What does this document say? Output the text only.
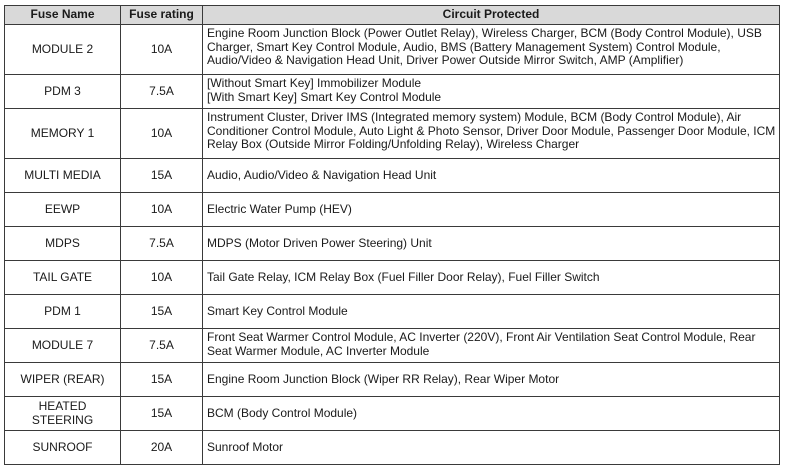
Fuse Name	Fuse rating	Circuit Protected
MODULE 2	10A	Engine Room Junction Block (Power Outlet Relay), Wireless Charger, BCM (Body Control Module), USB
Charger, Smart Key Control Module, Audio, BMS (Battery Management System) Control Module,
Audio/Video & Navigation Head Unit, Driver Power Outside Mirror Switch, AMP (Amplifier)

PDM 3	7.5A	[Without Smart Key] Immobilizer Module
[With Smart Key] Smart Key Control Module

MEMORY 1	10A	Instrument Cluster, Driver IMS (Integrated memory system) Module, BCM (Body Control Module), Air
Conditioner Control Module, Auto Light & Photo Sensor, Driver Door Module, Passenger Door Module, ICM
Relay Box (Outside Mirror Folding/Unfolding Relay), Wireless Charger

MULTI MEDIA	15A	Audio, Audio/Video & Navigation Head Unit

EEWP	10A	Electric Water Pump (HEV)

MDPS	7.5A	MDPS (Motor Driven Power Steering) Unit

TAIL GATE	10A	Tail Gate Relay, ICM Relay Box (Fuel Filler Door Relay), Fuel Filler Switch

PDM 1	15A	Smart Key Control Module

MODULE 7	7.5A	Front Seat Warmer Control Module, AC Inverter (220V), Front Air Ventilation Seat Control Module, Rear
Seat Warmer Module, AC Inverter Module

WIPER (REAR)	15A	Engine Room Junction Block (Wiper RR Relay), Rear Wiper Motor

HEATED
STEERING	15A	BCM (Body Control Module)

SUNROOF	20A	Sunroof Motor
